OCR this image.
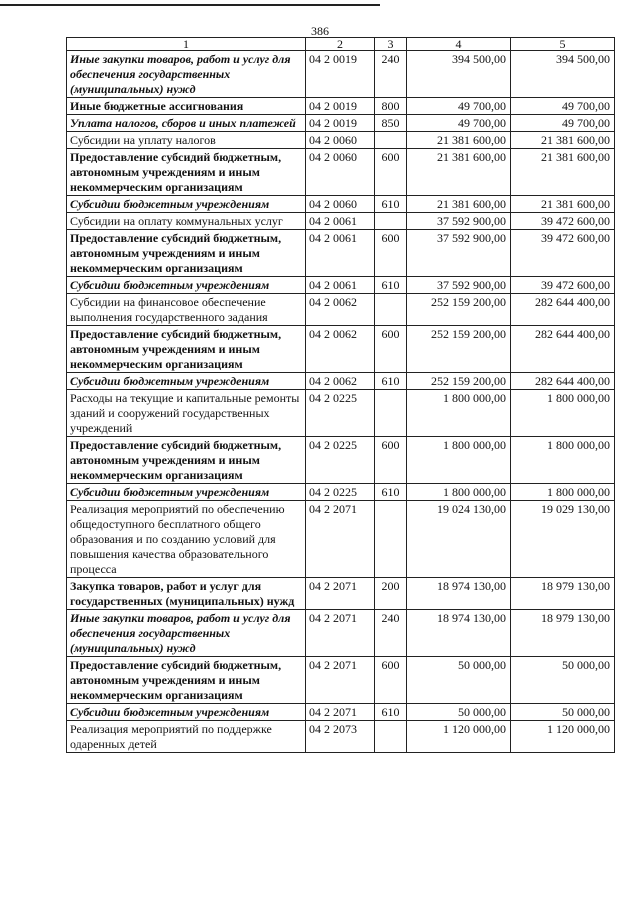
386
1	2	3	4	5
Иные закупки товаров, работ и услуг для обеспечения государственных (муниципальных) нужд	04 2 0019	240	394 500,00	394 500,00
Иные бюджетные ассигнования	04 2 0019	800	49 700,00	49 700,00
Уплата налогов, сборов и иных платежей	04 2 0019	850	49 700,00	49 700,00
Субсидии на уплату налогов	04 2 0060		21 381 600,00	21 381 600,00
Предоставление субсидий бюджетным, автономным учреждениям и иным некоммерческим организациям	04 2 0060	600	21 381 600,00	21 381 600,00
Субсидии бюджетным учреждениям	04 2 0060	610	21 381 600,00	21 381 600,00
Субсидии на оплату коммунальных услуг	04 2 0061		37 592 900,00	39 472 600,00
Предоставление субсидий бюджетным, автономным учреждениям и иным некоммерческим организациям	04 2 0061	600	37 592 900,00	39 472 600,00
Субсидии бюджетным учреждениям	04 2 0061	610	37 592 900,00	39 472 600,00
Субсидии на финансовое обеспечение выполнения государственного задания	04 2 0062		252 159 200,00	282 644 400,00
Предоставление субсидий бюджетным, автономным учреждениям и иным некоммерческим организациям	04 2 0062	600	252 159 200,00	282 644 400,00
Субсидии бюджетным учреждениям	04 2 0062	610	252 159 200,00	282 644 400,00
Расходы на текущие и капитальные ремонты зданий и сооружений государственных учреждений	04 2 0225		1 800 000,00	1 800 000,00
Предоставление субсидий бюджетным, автономным учреждениям и иным некоммерческим организациям	04 2 0225	600	1 800 000,00	1 800 000,00
Субсидии бюджетным учреждениям	04 2 0225	610	1 800 000,00	1 800 000,00
Реализация мероприятий по обеспечению общедоступного бесплатного общего образования и по созданию условий для повышения качества образовательного процесса	04 2 2071		19 024 130,00	19 029 130,00
Закупка товаров, работ и услуг для государственных (муниципальных) нужд	04 2 2071	200	18 974 130,00	18 979 130,00
Иные закупки товаров, работ и услуг для обеспечения государственных (муниципальных) нужд	04 2 2071	240	18 974 130,00	18 979 130,00
Предоставление субсидий бюджетным, автономным учреждениям и иным некоммерческим организациям	04 2 2071	600	50 000,00	50 000,00
Субсидии бюджетным учреждениям	04 2 2071	610	50 000,00	50 000,00
Реализация мероприятий по поддержке одаренных детей	04 2 2073		1 120 000,00	1 120 000,00
